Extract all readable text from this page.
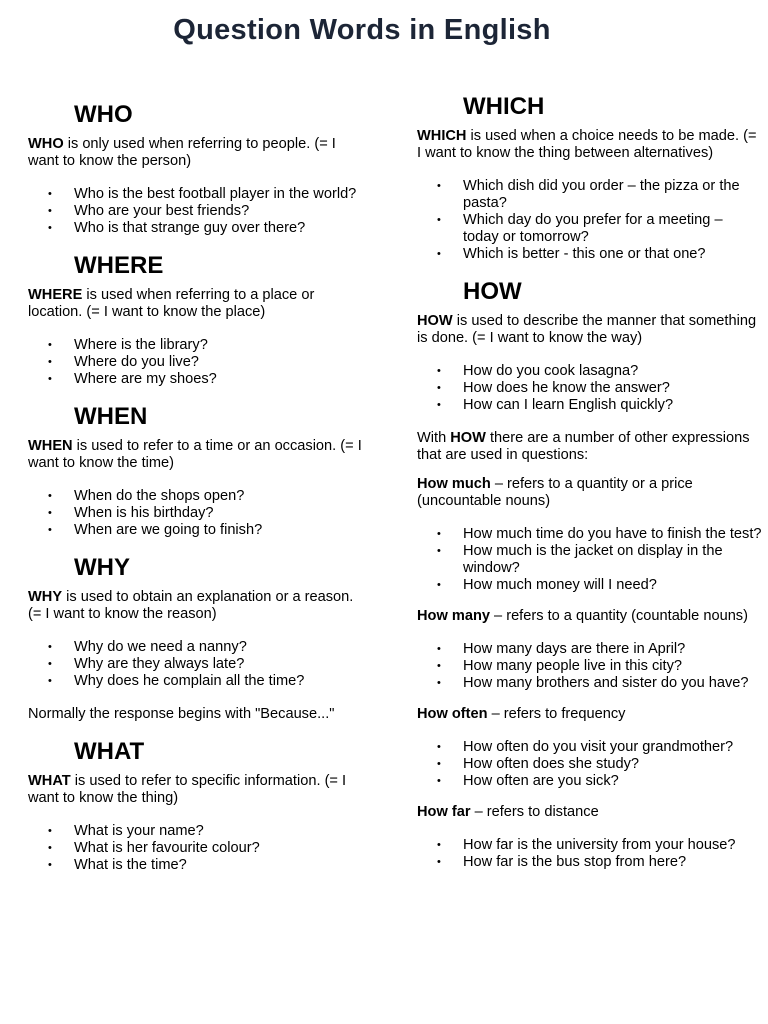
Question Words in English
WHO

WHO is only used when referring to people. (= I want to know the person)

• Who is the best football player in the world?
• Who are your best friends?
• Who is that strange guy over there?
WHERE

WHERE is used when referring to a place or location. (= I want to know the place)

• Where is the library?
• Where do you live?
• Where are my shoes?
WHEN

WHEN is used to refer to a time or an occasion. (= I want to know the time)

• When do the shops open?
• When is his birthday?
• When are we going to finish?
WHY

WHY is used to obtain an explanation or a reason. (= I want to know the reason)

• Why do we need a nanny?
• Why are they always late?
• Why does he complain all the time?

Normally the response begins with "Because..."

WHAT

WHAT is used to refer to specific information. (= I want to know the thing)

• What is your name?
• What is her favourite colour?
• What is the time?
WHICH

WHICH is used when a choice needs to be made. (= I want to know the thing between alternatives)

• Which dish did you order – the pizza or the pasta?
• Which day do you prefer for a meeting – today or tomorrow?
• Which is better - this one or that one?
HOW

HOW is used to describe the manner that something is done. (= I want to know the way)

• How do you cook lasagna?
• How does he know the answer?
• How can I learn English quickly?

With HOW there are a number of other expressions that are used in questions:

How much – refers to a quantity or a price (uncountable nouns)

• How much time do you have to finish the test?
• How much is the jacket on display in the window?
• How much money will I need?

How many – refers to a quantity (countable nouns)

• How many days are there in April?
• How many people live in this city?
• How many brothers and sister do you have?

How often – refers to frequency

• How often do you visit your grandmother?
• How often does she study?
• How often are you sick?

How far – refers to distance

• How far is the university from your house?
• How far is the bus stop from here?
